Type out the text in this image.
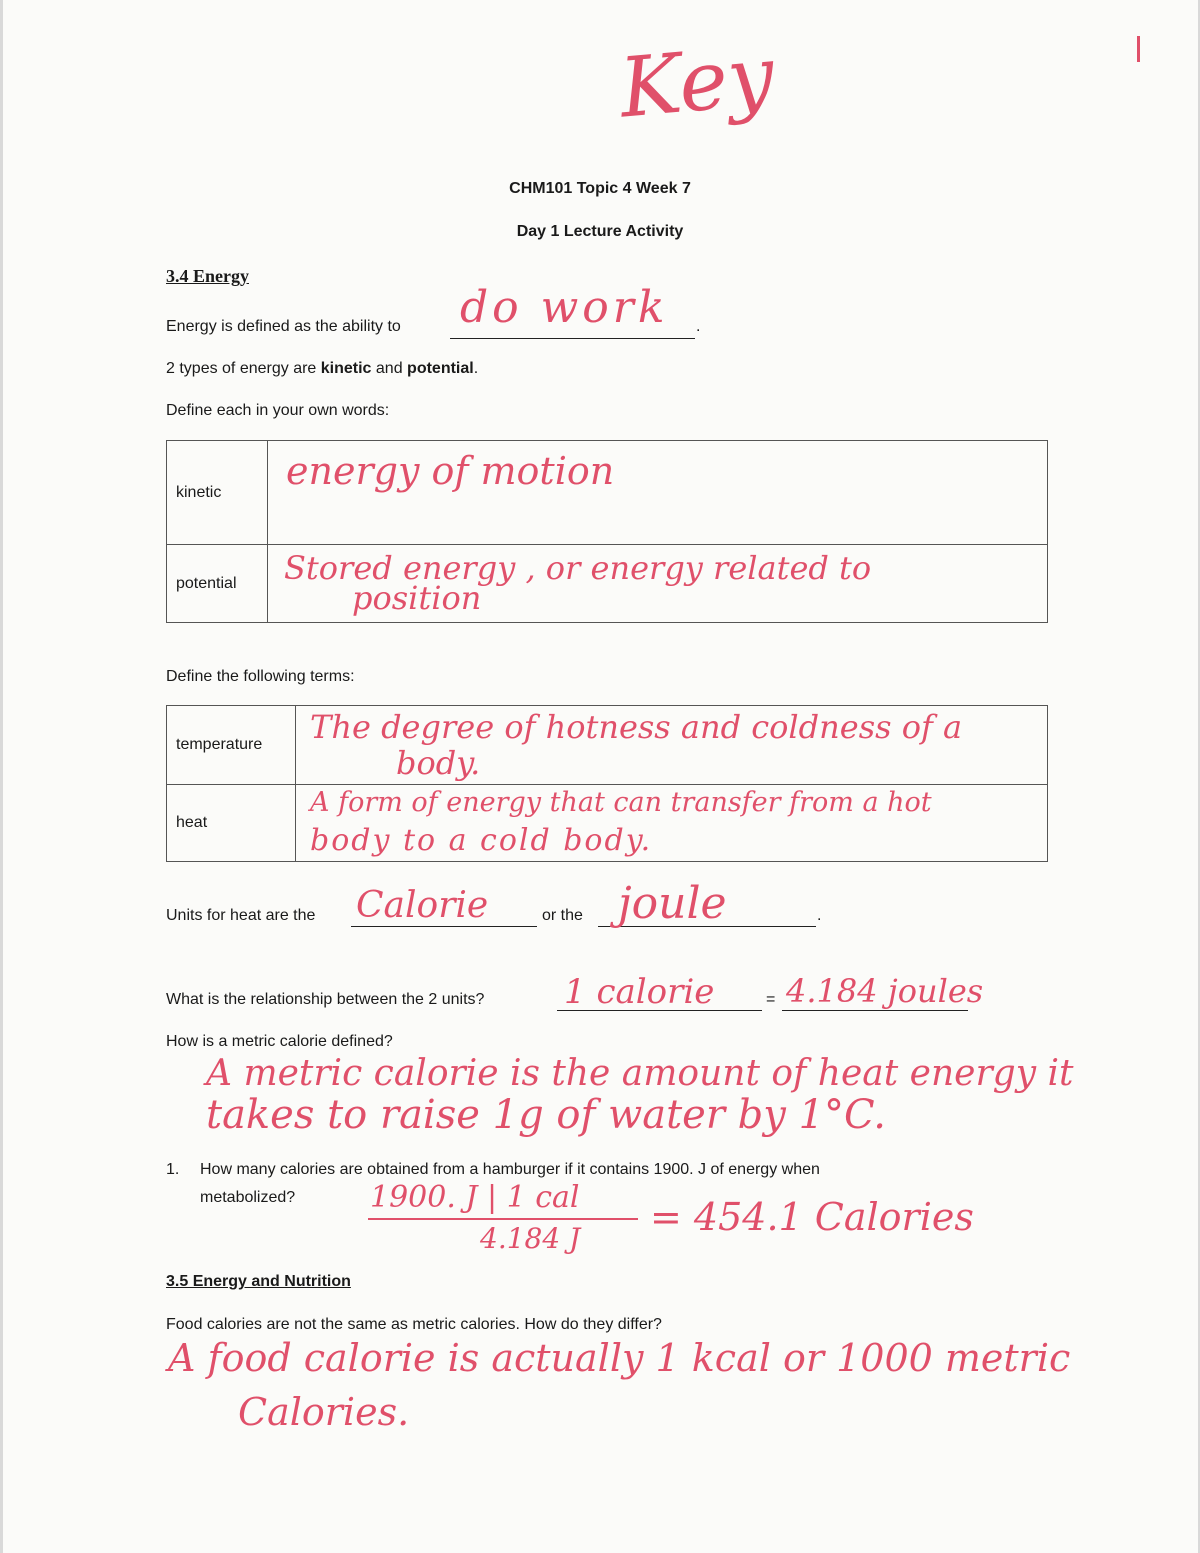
Key
CHM101 Topic 4 Week 7
Day 1 Lecture Activity
3.4 Energy
Energy is defined as the ability to	.
do work
2 types of energy are kinetic and potential.
Define each in your own words:
kinetic	energy of motion

potential	Stored energy , or energy related to
position
Define the following terms:
temperature	The degree of hotness and coldness of a
body.

heat	A form of energy that can transfer from a hot
body to a cold body.
Units for heat are the Calorie	or the joule	.
What is the relationship between the 2 units? 1 calorie	= 4.184 joules
How is a metric calorie defined?
A metric calorie is the amount of heat energy it
takes to raise 1g of water by 1°C.
1. How many calories are obtained from a hamburger if it contains 1900. J of energy when
metabolized? 1900. J | 1 cal
4.184 J = 454.1 Calories
3.5 Energy and Nutrition
Food calories are not the same as metric calories. How do they differ?
A food calorie is actually 1 kcal or 1000 metric
Calories.
